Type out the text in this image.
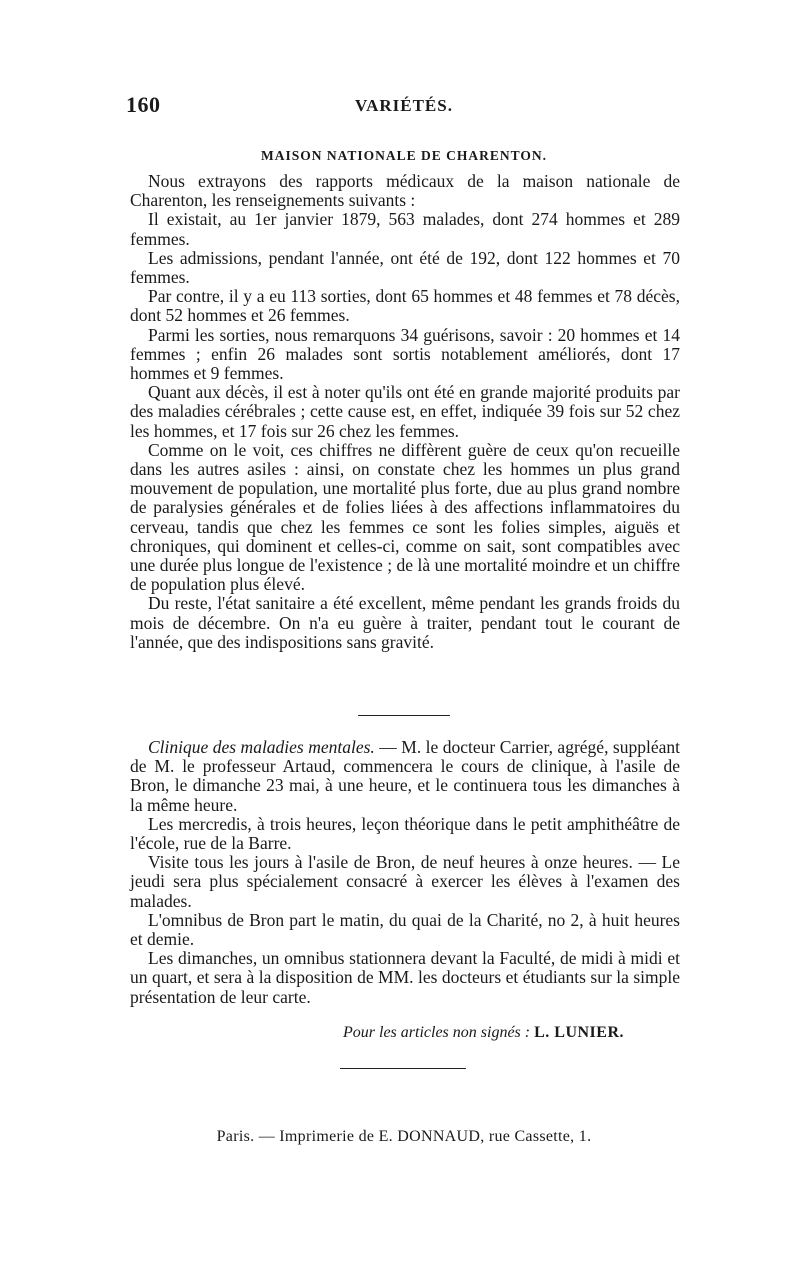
160	VARIÉTÉS.
MAISON NATIONALE DE CHARENTON.

Nous extrayons des rapports médicaux de la maison nationale de Charenton, les renseignements suivants :

Il existait, au 1er janvier 1879, 563 malades, dont 274 hommes et 289 femmes.

Les admissions, pendant l'année, ont été de 192, dont 122 hommes et 70 femmes.

Par contre, il y a eu 113 sorties, dont 65 hommes et 48 femmes et 78 décès, dont 52 hommes et 26 femmes.

Parmi les sorties, nous remarquons 34 guérisons, savoir : 20 hommes et 14 femmes ; enfin 26 malades sont sortis notablement améliorés, dont 17 hommes et 9 femmes.

Quant aux décès, il est à noter qu'ils ont été en grande majorité produits par des maladies cérébrales ; cette cause est, en effet, indiquée 39 fois sur 52 chez les hommes, et 17 fois sur 26 chez les femmes.

Comme on le voit, ces chiffres ne diffèrent guère de ceux qu'on recueille dans les autres asiles : ainsi, on constate chez les hommes un plus grand mouvement de population, une mortalité plus forte, due au plus grand nombre de paralysies générales et de folies liées à des affections inflammatoires du cerveau, tandis que chez les femmes ce sont les folies simples, aiguës et chroniques, qui dominent et celles-ci, comme on sait, sont compatibles avec une durée plus longue de l'existence ; de là une mortalité moindre et un chiffre de population plus élevé.

Du reste, l'état sanitaire a été excellent, même pendant les grands froids du mois de décembre. On n'a eu guère à traiter, pendant tout le courant de l'année, que des indispositions sans gravité.

Clinique des maladies mentales. — M. le docteur Carrier, agrégé, suppléant de M. le professeur Artaud, commencera le cours de clinique, à l'asile de Bron, le dimanche 23 mai, à une heure, et le continuera tous les dimanches à la même heure.

Les mercredis, à trois heures, leçon théorique dans le petit amphithéâtre de l'école, rue de la Barre.

Visite tous les jours à l'asile de Bron, de neuf heures à onze heures. — Le jeudi sera plus spécialement consacré à exercer les élèves à l'examen des malades.

L'omnibus de Bron part le matin, du quai de la Charité, no 2, à huit heures et demie.

Les dimanches, un omnibus stationnera devant la Faculté, de midi à midi et un quart, et sera à la disposition de MM. les docteurs et étudiants sur la simple présentation de leur carte.

Pour les articles non signés : L. LUNIER.
Paris. — Imprimerie de E. DONNAUD, rue Cassette, 1.
